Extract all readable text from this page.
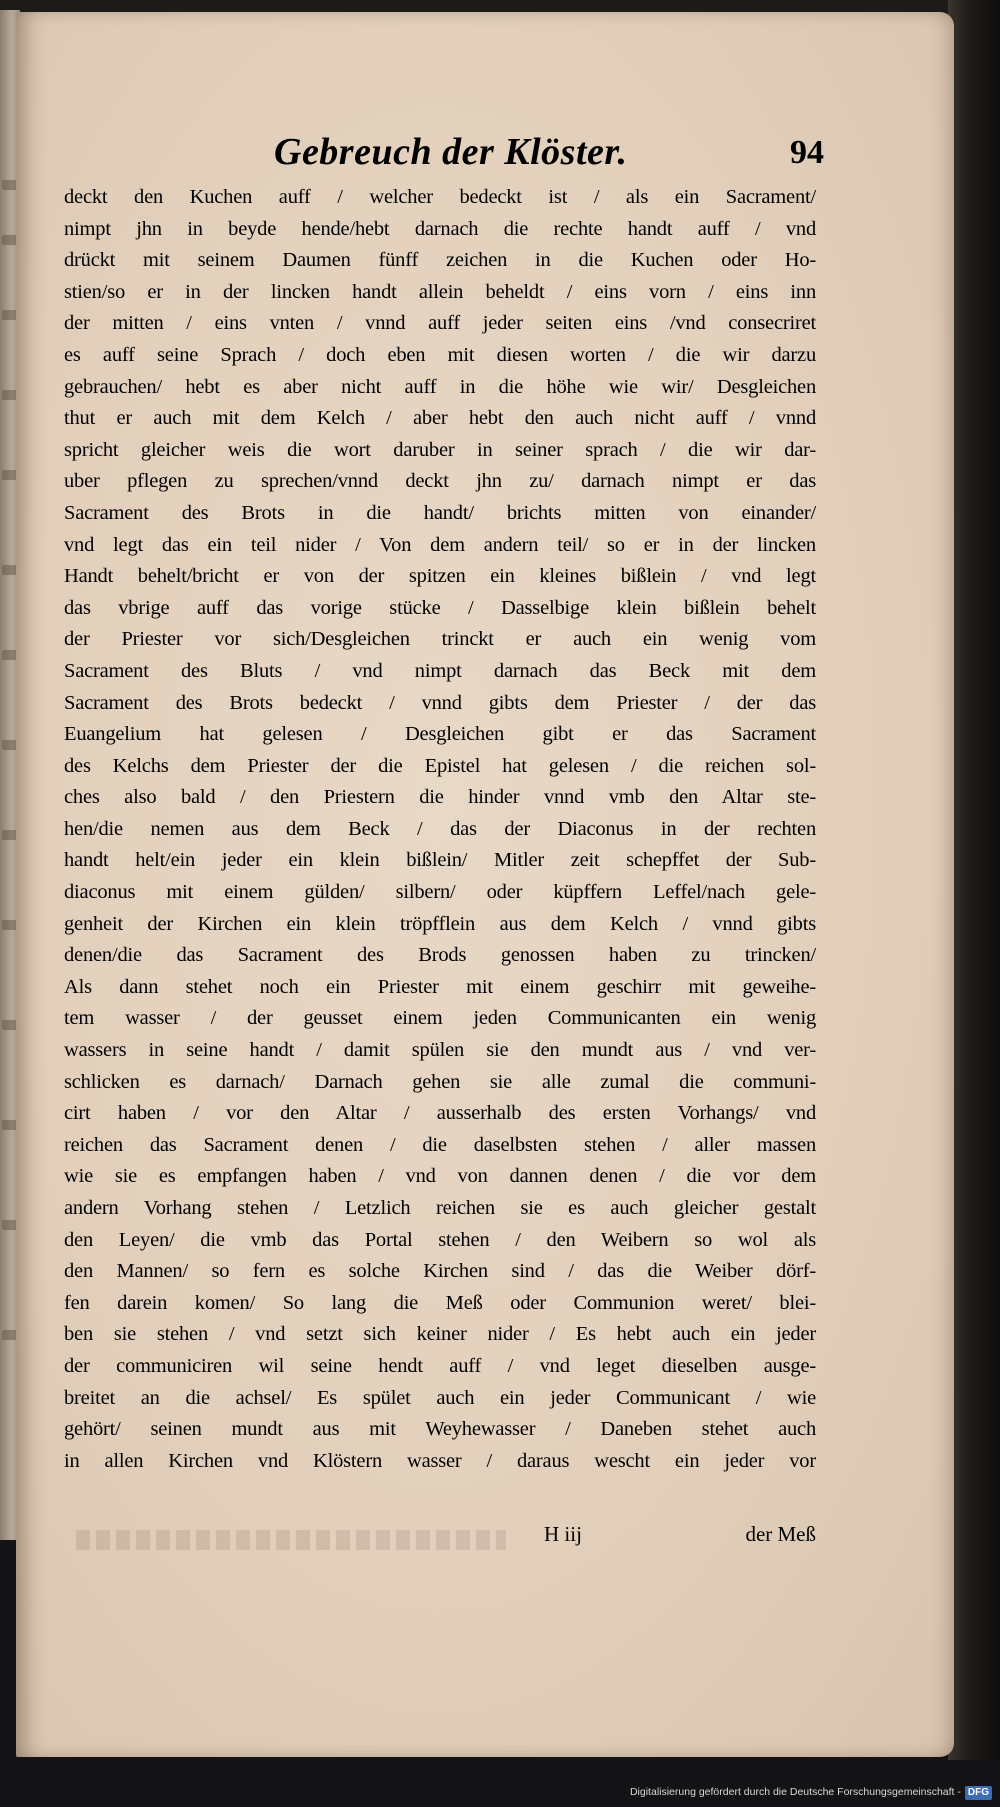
Gebreuch der Klöster.	94
deckt den Kuchen auff / welcher bedeckt ist / als ein Sacrament/
nimpt jhn in beyde hende/hebt darnach die rechte handt auff / vnd
drückt mit seinem Daumen fünff zeichen in die Kuchen oder Ho-
stien/so er in der lincken handt allein beheldt / eins vorn / eins inn
der mitten / eins vnten / vnnd auff jeder seiten eins /vnd consecriret
es auff seine Sprach / doch eben mit diesen worten / die wir darzu
gebrauchen/ hebt es aber nicht auff in die höhe wie wir/ Desgleichen
thut er auch mit dem Kelch / aber hebt den auch nicht auff / vnnd
spricht gleicher weis die wort daruber in seiner sprach / die wir dar-
uber pflegen zu sprechen/vnnd deckt jhn zu/ darnach nimpt er das
Sacrament des Brots in die handt/ brichts mitten von einander/
vnd legt das ein teil nider / Von dem andern teil/ so er in der lincken
Handt behelt/bricht er von der spitzen ein kleines bißlein / vnd legt
das vbrige auff das vorige stücke / Dasselbige klein bißlein behelt
der Priester vor sich/Desgleichen trinckt er auch ein wenig vom
Sacrament des Bluts / vnd nimpt darnach das Beck mit dem
Sacrament des Brots bedeckt / vnnd gibts dem Priester / der das
Euangelium hat gelesen / Desgleichen gibt er das Sacrament
des Kelchs dem Priester der die Epistel hat gelesen / die reichen sol-
ches also bald / den Priestern die hinder vnnd vmb den Altar ste-
hen/die nemen aus dem Beck / das der Diaconus in der rechten
handt helt/ein jeder ein klein bißlein/ Mitler zeit schepffet der Sub-
diaconus mit einem gülden/ silbern/ oder küpffern Leffel/nach gele-
genheit der Kirchen ein klein tröpfflein aus dem Kelch / vnnd gibts
denen/die das Sacrament des Brods genossen haben zu trincken/
Als dann stehet noch ein Priester mit einem geschirr mit geweihe-
tem wasser / der geusset einem jeden Communicanten ein wenig
wassers in seine handt / damit spülen sie den mundt aus / vnd ver-
schlicken es darnach/ Darnach gehen sie alle zumal die communi-
cirt haben / vor den Altar / ausserhalb des ersten Vorhangs/ vnd
reichen das Sacrament denen / die daselbsten stehen / aller massen
wie sie es empfangen haben / vnd von dannen denen / die vor dem
andern Vorhang stehen / Letzlich reichen sie es auch gleicher gestalt
den Leyen/ die vmb das Portal stehen / den Weibern so wol als
den Mannen/ so fern es solche Kirchen sind / das die Weiber dörf-
fen darein komen/ So lang die Meß oder Communion weret/ blei-
ben sie stehen / vnd setzt sich keiner nider / Es hebt auch ein jeder
der communiciren wil seine hendt auff / vnd leget dieselben ausge-
breitet an die achsel/ Es spület auch ein jeder Communicant / wie
gehört/ seinen mundt aus mit Weyhewasser / Daneben stehet auch
in allen Kirchen vnd Klöstern wasser / daraus wescht ein jeder vor
H iij	der Meß
Digitalisierung gefördert durch die Deutsche Forschungsgemeinschaft - DFG
